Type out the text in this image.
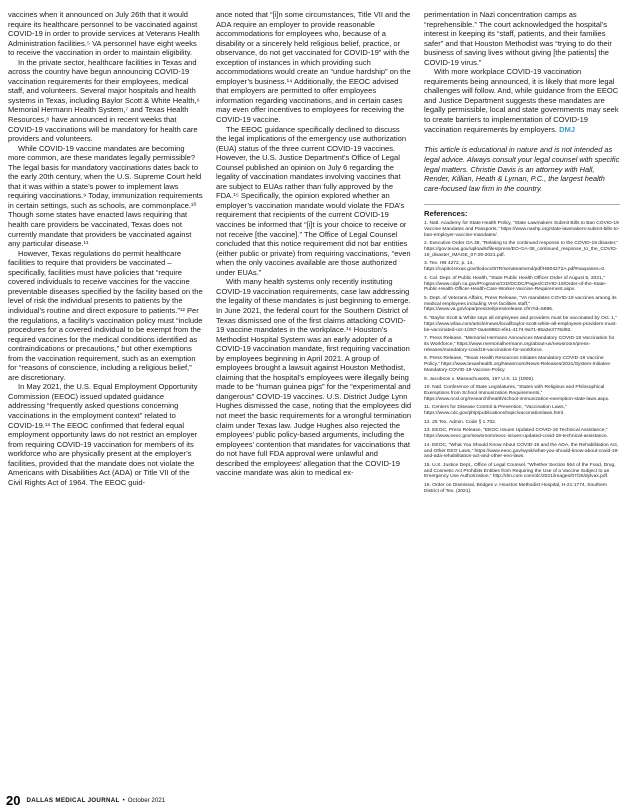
vaccines when it announced on July 26th that it would require its healthcare personnel to be vaccinated against COVID-19 in order to provide services at Veterans Health Administration facilities.⁵ VA personnel have eight weeks to receive the vaccination in order to maintain eligibility.

In the private sector, healthcare facilities in Texas and across the country have begun announcing COVID-19 vaccination requirements for their employees, medical staff, and volunteers. Several major hospitals and health systems in Texas, including Baylor Scott & White Health,⁶ Memorial Hermann Health System,⁷ and Texas Health Resources,⁸ have announced in recent weeks that COVID-19 vaccinations will be mandatory for health care providers and volunteers.

While COVID-19 vaccine mandates are becoming more common, are these mandates legally permissible? The legal basis for mandatory vaccinations dates back to the early 20th century, when the U.S. Supreme Court held that it was within a state’s power to implement laws requiring vaccinations.⁹ Today, immunization requirements in certain settings, such as schools, are commonplace.¹⁰ Though some states have enacted laws requiring that health care providers be vaccinated, Texas does not currently mandate that providers be vaccinated against any particular disease.¹¹

However, Texas regulations do permit healthcare facilities to require that providers be vaccinated – specifically, facilities must have policies that “require covered individuals to receive vaccines for the vaccine preventable diseases specified by the facility based on the level of risk the individual presents to patients by the individual’s routine and direct exposure to patients.”¹² Per the regulations, a facility’s vaccination policy must “include procedures for a covered individual to be exempt from the required vaccines for the medical conditions identified as contraindications or precautions,” but other exemptions from the vaccination requirement, such as an exemption for “reasons of conscience, including a religious belief,” are discretionary.

In May 2021, the U.S. Equal Employment Opportunity Commission (EEOC) issued updated guidance addressing “frequently asked questions concerning vaccinations in the employment context” related to COVID-19.¹³ The EEOC confirmed that federal equal employment opportunity laws do not restrict an employer from requiring COVID-19 vaccination for members of its workforce who are physically present at the employer’s facilities, provided that the mandate does not violate the Americans with Disabilities Act (ADA) or Title VII of the Civil Rights Act of 1964. The EEOC guid-

ance noted that “[i]n some circumstances, Title VII and the ADA require an employer to provide reasonable accommodations for employees who, because of a disability or a sincerely held religious belief, practice, or observance, do not get vaccinated for COVID-19” with the exception of instances in which providing such accommodations would create an “undue hardship” on the employer’s business.¹⁴ Additionally, the EEOC advised that employers are permitted to offer employees information regarding vaccinations, and in certain cases may even offer incentives to employees for receiving the COVID-19 vaccine.

The EEOC guidance specifically declined to discuss the legal implications of the emergency use authorization (EUA) status of the three current COVID-19 vaccines. However, the U.S. Justice Department’s Office of Legal Counsel published an opinion on July 6 regarding the legality of vaccination mandates involving vaccines that are subject to EUAs rather than fully approved by the FDA.¹⁵ Specifically, the opinion explored whether an employer’s vaccination mandate would violate the FDA’s requirement that recipients of the current COVID-19 vaccines be informed that “[i]t is your choice to receive or not receive [the vaccine].” The Office of Legal Counsel concluded that this notice requirement did not bar entities (either public or private) from requiring vaccinations, “even when the only vaccines available are those authorized under EUAs.”

With many health systems only recently instituting COVID-19 vaccination requirements, case law addressing the legality of these mandates is just beginning to emerge. In June 2021, the federal court for the Southern District of Texas dismissed one of the first claims attacking COVID-19 vaccine mandates in the workplace.¹⁶ Houston’s Methodist Hospital System was an early adopter of a COVID-19 vaccination mandate, first requiring vaccination by employees beginning in April 2021. A group of employees brought a lawsuit against Houston Methodist, claiming that the hospital’s employees were illegally being made to be “human guinea pigs” for the “experimental and dangerous” COVID-19 vaccines. U.S. District Judge Lynn Hughes dismissed the case, noting that the employees did not meet the basic requirements for a wrongful termination claim under Texas law. Judge Hughes also rejected the employees’ public policy-based arguments, including the employees’ contention that mandates for vaccinations that do not have full FDA approval were unlawful and described the employees’ allegation that the COVID-19 vaccine mandate was akin to medical ex-

perimentation in Nazi concentration camps as “reprehensible.” The court acknowledged the hospital’s interest in keeping its “staff, patients, and their families safer” and that Houston Methodist was “trying to do their business of saving lives without giving [the patients] the COVID-19 virus.”

With more workplace COVID-19 vaccination requirements being announced, it is likely that more legal challenges will follow. And, while guidance from the EEOC and Justice Department suggests these mandates are legally permissible, local and state governments may seek to create barriers to implementation of COVID-19 vaccination requirements by employers. DMJ

This article is educational in nature and is not intended as legal advice. Always consult your legal counsel with specific legal matters. Christie Davis is an attorney with Hall, Render, Killian, Heath & Lyman, P.C., the largest health care-focused law firm in the country.

References:

1. Natl. Academy for State Health Policy, “State Lawmakers Submit Bills to Ban COVID-19 Vaccine Mandates and Passports,” https://www.nashp.org/state-lawmakers-submit-bills-to-ban-employer-vaccine-mandates/.
2. Executive Order GA 38, “Relating to the continued response to the COVID-19 disaster,” https://gov.texas.gov/uploads/files/press/EO-GA-38_continued_response_to_the_COVID-19_disaster_IMAGE_07-29-2021.pdf.
3. Tex. HB 4272, p. 14, https://capitol.texas.gov/tlodocs/87R/senateamend/pdf/HB04272A.pdf#navpanes=0.
4. Cal. Dept. of Public Health, “State Public Health Officer Order of August 5, 2021,” https://www.cdph.ca.gov/Programs/CID/DCDC/Pages/COVID-19/Order-of-the-State-Public-Health-Officer-Health-Care-Worker-Vaccine-Requirement.aspx.
5. Dept. of Veterans Affairs, Press Release, “VA mandates COVID-19 vaccines among its medical employees including VHA facilities staff,” https://www.va.gov/opa/pressrel/pressrelease.cfm?id=5696.
6. “Baylor Scott & White says all employees and providers must be vaccinated by Oct. 1,” https://www.wfaa.com/article/news/local/baylor-scott-white-all-employees-providers-must-be-vaccinated-oct-1/287-0a4e8862-efe1-4174-9a71-85a3e3776d92.
7. Press Release, “Memorial Hermann Announces Mandatory COVID-19 Vaccination for its Workforce,” https://www.memorialhermann.org/about-us/newsroom/press-releases/mandatory-covid19-vaccination-for-workforce.
8. Press Release, “Texas Health Resources Initiates Mandatory COVID-19 Vaccine Policy,” https://www.texashealth.org/Newsroom/News-Releases/2021/System-Initiates-Mandatory-COVID-19-Vaccine-Policy.
9. Jacobson v. Massachusetts, 197 U.S. 11 (1905).
10. Natl. Conference of State Legislatures, “States with Religious and Philosophical Exemptions from School Immunization Requirements,” https://www.ncsl.org/research/health/school-immunization-exemption-state-laws.aspx.
11. Centers for Disease Control & Prevention, “Vaccination Laws,” https://www.cdc.gov/phlp/publications/topic/vaccinationlaws.html.
12. 25 Tex. Admin. Code § 1.702.
13. EEOC, Press Release, “EEOC Issues Updated COVID-19 Technical Assistance,” https://www.eeoc.gov/newsroom/eeoc-issues-updated-covid-19-technical-assistance.
14. EEOC, “What You Should Know About COVID-19 and the ADA, the Rehabilitation Act, and Other EEO Laws,” https://www.eeoc.gov/wysk/what-you-should-know-about-covid-19-and-ada-rehabilitation-act-and-other-eeo-laws.
15. U.S. Justice Dept., Office of Legal Counsel, “Whether Section 564 of the Food, Drug, and Cosmetic Act Prohibits Entities from Requiring the Use of a Vaccine Subject to an Emergency Use Authorization,” http://dm.com.com/olc/2021/images/07/26/dylvax.pdf.
16. Order on Dismissal, Bridges v. Houston Methodist Hospital, H-21:1774, Southern District of Tex. (2021).
20 DALLAS MEDICAL JOURNAL • October 2021
